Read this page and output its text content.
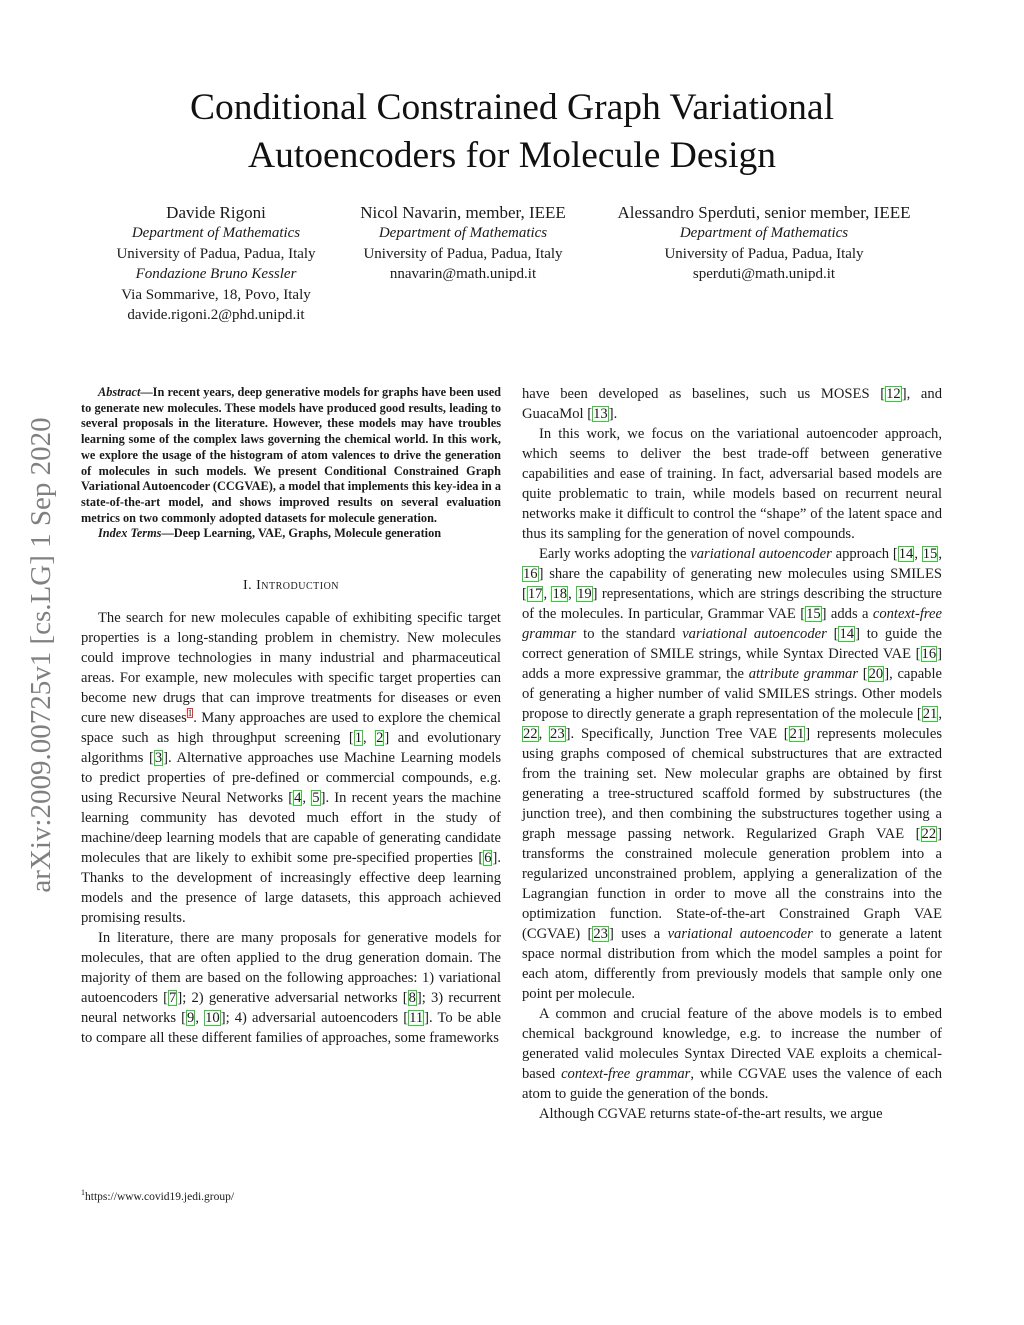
Conditional Constrained Graph Variational
Autoencoders for Molecule Design
Davide Rigoni
Department of Mathematics
University of Padua, Padua, Italy
Fondazione Bruno Kessler
Via Sommarive, 18, Povo, Italy
davide.rigoni.2@phd.unipd.it
Nicol Navarin, member, IEEE
Department of Mathematics
University of Padua, Padua, Italy
nnavarin@math.unipd.it
Alessandro Sperduti, senior member, IEEE
Department of Mathematics
University of Padua, Padua, Italy
sperduti@math.unipd.it
arXiv:2009.00725v1 [cs.LG] 1 Sep 2020

Abstract—In recent years, deep generative models for graphs have been used to generate new molecules. These models have produced good results, leading to several proposals in the literature. However, these models may have troubles learning some of the complex laws governing the chemical world. In this work, we explore the usage of the histogram of atom valences to drive the generation of molecules in such models. We present Conditional Constrained Graph Variational Autoencoder (CCGVAE), a model that implements this key-idea in a state-of-the-art model, and shows improved results on several evaluation metrics on two commonly adopted datasets for molecule generation.

Index Terms—Deep Learning, VAE, Graphs, Molecule generation

I. Introduction

The search for new molecules capable of exhibiting specific target properties is a long-standing problem in chemistry. New molecules could improve technologies in many industrial and pharmaceutical areas. For example, new molecules with specific target properties can become new drugs that can improve treatments for diseases or even cure new diseases$^1$. Many approaches are used to explore the chemical space such as high throughput screening [1, 2] and evolutionary algorithms [3]. Alternative approaches use Machine Learning models to predict properties of pre-defined or commercial compounds, e.g. using Recursive Neural Networks [4, 5]. In recent years the machine learning community has devoted much effort in the study of machine/deep learning models that are capable of generating candidate molecules that are likely to exhibit some pre-specified properties [6]. Thanks to the development of increasingly effective deep learning models and the presence of large datasets, this approach achieved promising results.

In literature, there are many proposals for generative models for molecules, that are often applied to the drug generation domain. The majority of them are based on the following approaches: 1) variational autoencoders [7]; 2) generative adversarial networks [8]; 3) recurrent neural networks [9, 10]; 4) adversarial autoencoders [11]. To be able to compare all these different families of approaches, some frameworks

$^1$https://www.covid19.jedi.group/

have been developed as baselines, such us MOSES [12], and GuacaMol [13].

In this work, we focus on the variational autoencoder approach, which seems to deliver the best trade-off between generative capabilities and ease of training. In fact, adversarial based models are quite problematic to train, while models based on recurrent neural networks make it difficult to control the “shape” of the latent space and thus its sampling for the generation of novel compounds.

Early works adopting the variational autoencoder approach [14, 15, 16] share the capability of generating new molecules using SMILES [17, 18, 19] representations, which are strings describing the structure of the molecules. In particular, Grammar VAE [15] adds a context-free grammar to the standard variational autoencoder [14] to guide the correct generation of SMILE strings, while Syntax Directed VAE [16] adds a more expressive grammar, the attribute grammar [20], capable of generating a higher number of valid SMILES strings. Other models propose to directly generate a graph representation of the molecule [21, 22, 23]. Specifically, Junction Tree VAE [21] represents molecules using graphs composed of chemical substructures that are extracted from the training set. New molecular graphs are obtained by first generating a tree-structured scaffold formed by substructures (the junction tree), and then combining the substructures together using a graph message passing network. Regularized Graph VAE [22] transforms the constrained molecule generation problem into a regularized unconstrained problem, applying a generalization of the Lagrangian function in order to move all the constrains into the optimization function. State-of-the-art Constrained Graph VAE (CGVAE) [23] uses a variational autoencoder to generate a latent space normal distribution from which the model samples a point for each atom, differently from previously models that sample only one point per molecule.

A common and crucial feature of the above models is to embed chemical background knowledge, e.g. to increase the number of generated valid molecules Syntax Directed VAE exploits a chemical-based context-free grammar, while CGVAE uses the valence of each atom to guide the generation of the bonds.

Although CGVAE returns state-of-the-art results, we argue
